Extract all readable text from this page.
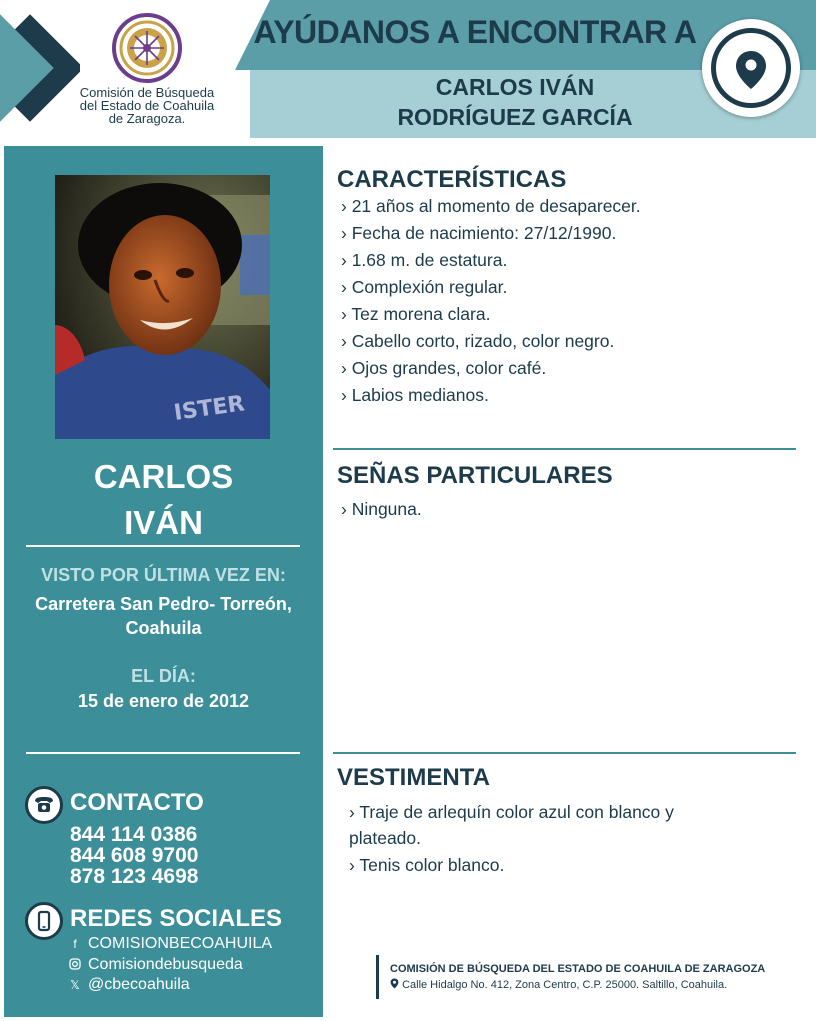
Comisión de Búsqueda
del Estado de Coahuila
de Zaragoza.
AYÚDANOS A ENCONTRAR A
CARLOS IVÁN
RODRÍGUEZ GARCÍA
ISTER
CARLOS
IVÁN
VISTO POR ÚLTIMA VEZ EN:
Carretera San Pedro- Torreón,
Coahuila
EL DÍA:
15 de enero de 2012
CONTACTO
844 114 0386
844 608 9700
878 123 4698
REDES SOCIALES
f COMISIONBECOAHUILA
Comisiondebusqueda
𝕏 @cbecoahuila
CARACTERÍSTICAS
› 21 años al momento de desaparecer.
› Fecha de nacimiento: 27/12/1990.
› 1.68 m. de estatura.
› Complexión regular.
› Tez morena clara.
› Cabello corto, rizado, color negro.
› Ojos grandes, color café.
› Labios medianos.
SEÑAS PARTICULARES
› Ninguna.
VESTIMENTA
› Traje de arlequín color azul con blanco y
plateado.
› Tenis color blanco.
COMISIÓN DE BÚSQUEDA DEL ESTADO DE COAHUILA DE ZARAGOZA
Calle Hidalgo No. 412, Zona Centro, C.P. 25000. Saltillo, Coahuila.
